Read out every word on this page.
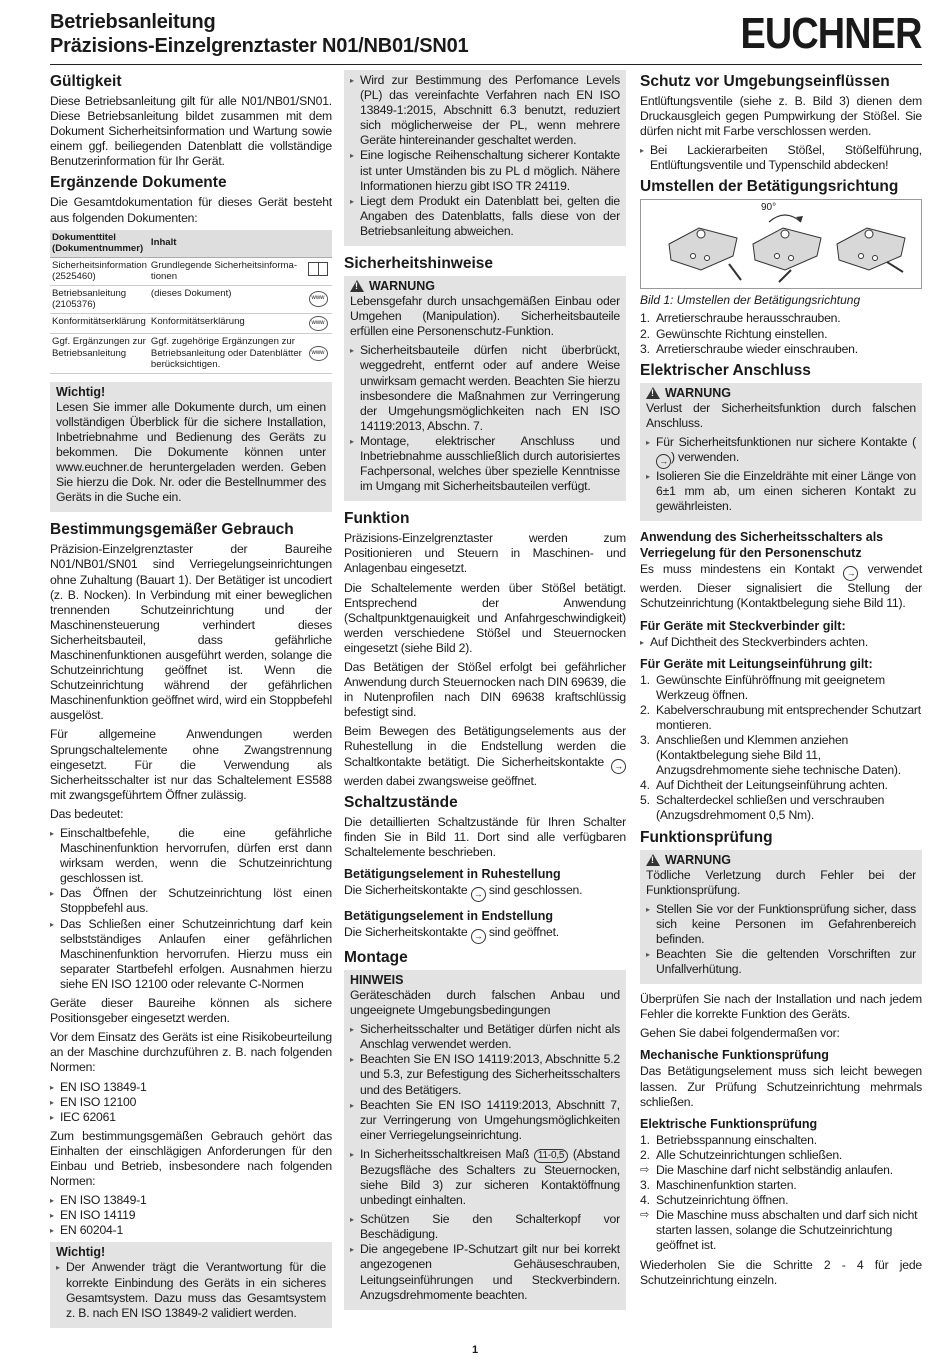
Betriebsanleitung
Präzisions-Einzelgrenztaster N01/NB01/SN01	EUCHNER
Gültigkeit

Diese Betriebsanleitung gilt für alle N01/NB01/SN01. Diese Betriebsanleitung bildet zusammen mit dem Dokument Sicherheitsinformation und Wartung sowie einem ggf. beiliegenden Datenblatt die vollständige Benutzerinformation für Ihr Gerät.

Ergänzende Dokumente

Die Gesamtdokumentation für dieses Gerät besteht aus folgenden Dokumenten:

Dokumenttitel (Dokumentnummer)	Inhalt	
Sicherheitsinformation (2525460)	Grundlegende Sicherheitsinforma-tionen	
Betriebsanleitung (2105376)	(dieses Dokument)	www
Konformitätserklärung	Konformitätserklärung	www
Ggf. Ergänzungen zur Betriebsanleitung	Ggf. zugehörige Ergänzungen zur Betriebsanleitung oder Datenblätter berücksichtigen.	www
Wichtig!

Lesen Sie immer alle Dokumente durch, um einen vollständigen Überblick für die sichere Installation, Inbetriebnahme und Bedienung des Geräts zu bekommen. Die Dokumente können unter www.euchner.de heruntergeladen werden. Geben Sie hierzu die Dok. Nr. oder die Bestellnummer des Geräts in die Suche ein.

Bestimmungsgemäßer Gebrauch

Präzision-Einzelgrenztaster der Baureihe N01/NB01/SN01 sind Verriegelungseinrichtungen ohne Zuhaltung (Bauart 1). Der Betätiger ist uncodiert (z. B. Nocken). In Verbindung mit einer beweglichen trennenden Schutzeinrichtung und der Maschinensteuerung verhindert dieses Sicherheitsbauteil, dass gefährliche Maschinenfunktionen ausgeführt werden, solange die Schutzeinrichtung geöffnet ist. Wenn die Schutzeinrichtung während der gefährlichen Maschinenfunktion geöffnet wird, wird ein Stoppbefehl ausgelöst.

Für allgemeine Anwendungen werden Sprungschaltelemente ohne Zwangstrennung eingesetzt. Für die Verwendung als Sicherheitsschalter ist nur das Schaltelement ES588 mit zwangsgeführtem Öffner zulässig.

Das bedeutet:

▸ Einschaltbefehle, die eine gefährliche Maschinenfunktion hervorrufen, dürfen erst dann wirksam werden, wenn die Schutzeinrichtung geschlossen ist.
▸ Das Öffnen der Schutzeinrichtung löst einen Stoppbefehl aus.
▸ Das Schließen einer Schutzeinrichtung darf kein selbstständiges Anlaufen einer gefährlichen Maschinenfunktion hervorrufen. Hierzu muss ein separater Startbefehl erfolgen. Ausnahmen hierzu siehe EN ISO 12100 oder relevante C-Normen

Geräte dieser Baureihe können als sichere Positionsgeber eingesetzt werden.

Vor dem Einsatz des Geräts ist eine Risikobeurteilung an der Maschine durchzuführen z. B. nach folgenden Normen:

▸ EN ISO 13849-1
▸ EN ISO 12100
▸ IEC 62061

Zum bestimmungsgemäßen Gebrauch gehört das Einhalten der einschlägigen Anforderungen für den Einbau und Betrieb, insbesondere nach folgenden Normen:

▸ EN ISO 13849-1
▸ EN ISO 14119
▸ EN 60204-1
Wichtig!
▸ Der Anwender trägt die Verantwortung für die korrekte Einbindung des Geräts in ein sicheres Gesamtsystem. Dazu muss das Gesamtsystem z. B. nach EN ISO 13849-2 validiert werden.
▸ Wird zur Bestimmung des Perfomance Levels (PL) das vereinfachte Verfahren nach EN ISO 13849-1:2015, Abschnitt 6.3 benutzt, reduziert sich möglicherweise der PL, wenn mehrere Geräte hintereinander geschaltet werden.
▸ Eine logische Reihenschaltung sicherer Kontakte ist unter Umständen bis zu PL d möglich. Nähere Informationen hierzu gibt ISO TR 24119.
▸ Liegt dem Produkt ein Datenblatt bei, gelten die Angaben des Datenblatts, falls diese von der Betriebsanleitung abweichen.
Sicherheitshinweise
!
WARNUNG

Lebensgefahr durch unsachgemäßen Einbau oder Umgehen (Manipulation). Sicherheitsbauteile erfüllen eine Personenschutz-Funktion.

▸ Sicherheitsbauteile dürfen nicht überbrückt, weggedreht, entfernt oder auf andere Weise unwirksam gemacht werden. Beachten Sie hierzu insbesondere die Maßnahmen zur Verringerung der Umgehungsmöglichkeiten nach EN ISO 14119:2013, Abschn. 7.
▸ Montage, elektrischer Anschluss und Inbetriebnahme ausschließlich durch autorisiertes Fachpersonal, welches über spezielle Kenntnisse im Umgang mit Sicherheitsbauteilen verfügt.
Funktion

Präzisions-Einzelgrenztaster werden zum Positionieren und Steuern in Maschinen- und Anlagenbau eingesetzt.

Die Schaltelemente werden über Stößel betätigt. Entsprechend der Anwendung (Schaltpunktgenauigkeit und Anfahrgeschwindigkeit) werden verschiedene Stößel und Steuernocken eingesetzt (siehe Bild 2).

Das Betätigen der Stößel erfolgt bei gefährlicher Anwendung durch Steuernocken nach DIN 69639, die in Nutenprofilen nach DIN 69638 kraftschlüssig befestigt sind.

Beim Bewegen des Betätigungselements aus der Ruhestellung in die Endstellung werden die Schaltkontakte betätigt. Die Sicherheitskontakte → werden dabei zwangsweise geöffnet.

Schaltzustände

Die detaillierten Schaltzustände für Ihren Schalter finden Sie in Bild 11. Dort sind alle verfügbaren Schaltelemente beschrieben.

Betätigungselement in Ruhestellung

Die Sicherheitskontakte → sind geschlossen.

Betätigungselement in Endstellung

Die Sicherheitskontakte → sind geöffnet.

Montage
HINWEIS

Geräteschäden durch falschen Anbau und ungeeignete Umgebungsbedingungen

▸ Sicherheitsschalter und Betätiger dürfen nicht als Anschlag verwendet werden.
▸ Beachten Sie EN ISO 14119:2013, Abschnitte 5.2 und 5.3, zur Befestigung des Sicherheitsschalters und des Betätigers.
▸ Beachten Sie EN ISO 14119:2013, Abschnitt 7, zur Verringerung von Umgehungsmöglichkeiten einer Verriegelungseinrichtung.
▸ In Sicherheitsschaltkreisen Maß 11-0,5 (Abstand Bezugsfläche des Schalters zu Steuernocken, siehe Bild 3) zur sicheren Kontaktöffnung unbedingt einhalten.
▸ Schützen Sie den Schalterkopf vor Beschädigung.
▸ Die angegebene IP-Schutzart gilt nur bei korrekt angezogenen Gehäuseschrauben, Leitungseinführungen und Steckverbindern. Anzugsdrehmomente beachten.
Schutz vor Umgebungseinflüssen

Entlüftungsventile (siehe z. B. Bild 3) dienen dem Druckausgleich gegen Pumpwirkung der Stößel. Sie dürfen nicht mit Farbe verschlossen werden.

▸ Bei Lackierarbeiten Stößel, Stößelführung, Entlüftungsventile und Typenschild abdecken!
Umstellen der Betätigungsrichtung
90°
Bild 1: Umstellen der Betätigungsrichtung
1. Arretierschraube herausschrauben.
2. Gewünschte Richtung einstellen.
3. Arretierschraube wieder einschrauben.
Elektrischer Anschluss
!
WARNUNG

Verlust der Sicherheitsfunktion durch falschen Anschluss.

▸ Für Sicherheitsfunktionen nur sichere Kontakte (→ ) verwenden.
▸ Isolieren Sie die Einzeldrähte mit einer Länge von 6±1 mm ab, um einen sicheren Kontakt zu gewährleisten.
Anwendung des Sicherheitsschalters als Verriegelung für den Personenschutz

Es muss mindestens ein Kontakt → verwendet werden. Dieser signalisiert die Stellung der Schutzeinrichtung (Kontaktbelegung siehe Bild 11).

Für Geräte mit Steckverbinder gilt:
▸ Auf Dichtheit des Steckverbinders achten.
Für Geräte mit Leitungseinführung gilt:
1. Gewünschte Einführöffnung mit geeignetem Werkzeug öffnen.
2. Kabelverschraubung mit entsprechender Schutzart montieren.
3. Anschließen und Klemmen anziehen (Kontaktbelegung siehe Bild 11, Anzugsdrehmomente siehe technische Daten).
4. Auf Dichtheit der Leitungseinführung achten.
5. Schalterdeckel schließen und verschrauben (Anzugsdrehmoment 0,5 Nm).
Funktionsprüfung
!
WARNUNG

Tödliche Verletzung durch Fehler bei der Funktionsprüfung.

▸ Stellen Sie vor der Funktionsprüfung sicher, dass sich keine Personen im Gefahrenbereich befinden.
▸ Beachten Sie die geltenden Vorschriften zur Unfallverhütung.

Überprüfen Sie nach der Installation und nach jedem Fehler die korrekte Funktion des Geräts.

Gehen Sie dabei folgendermaßen vor:

Mechanische Funktionsprüfung

Das Betätigungselement muss sich leicht bewegen lassen. Zur Prüfung Schutzeinrichtung mehrmals schließen.

Elektrische Funktionsprüfung
1. Betriebsspannung einschalten.
2. Alle Schutzeinrichtungen schließen.
⇨ Die Maschine darf nicht selbständig anlaufen.
3. Maschinenfunktion starten.
4. Schutzeinrichtung öffnen.
⇨ Die Maschine muss abschalten und darf sich nicht starten lassen, solange die Schutzeinrichtung geöffnet ist.

Wiederholen Sie die Schritte 2 - 4 für jede Schutzeinrichtung einzeln.

1
